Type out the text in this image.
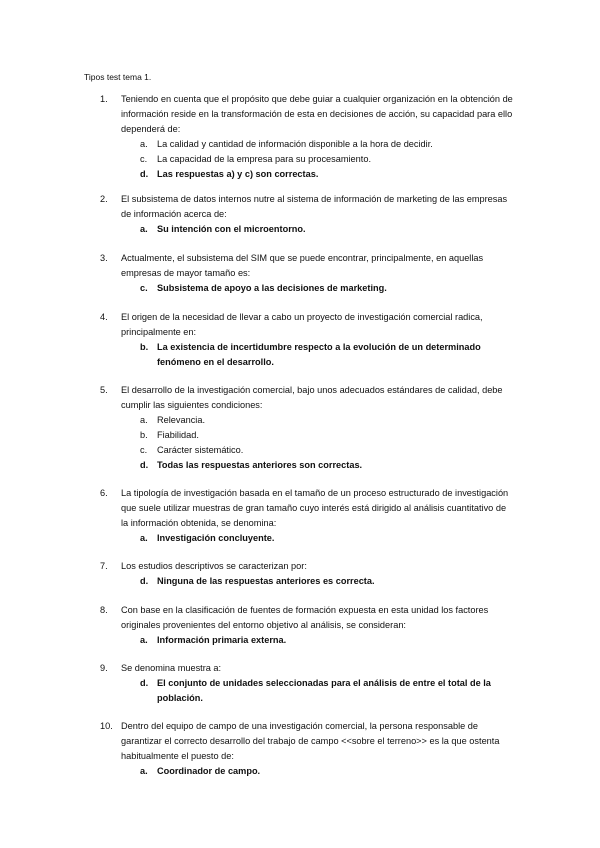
Tipos test tema 1.
1.	Teniendo en cuenta que el propósito que debe guiar a cualquier organización en la obtención de información reside en la transformación de esta en decisiones de acción, su capacidad para ello dependerá de:
a.	La calidad y cantidad de información disponible a la hora de decidir.
c.	La capacidad de la empresa para su procesamiento.
d. Las respuestas a) y c) son correctas.
2.	El subsistema de datos internos nutre al sistema de información de marketing de las empresas de información acerca de:
a.	Su intención con el microentorno.
3.	Actualmente, el subsistema del SIM que se puede encontrar, principalmente, en aquellas empresas de mayor tamaño es:
c.	Subsistema de apoyo a las decisiones de marketing.
4.	El origen de la necesidad de llevar a cabo un proyecto de investigación comercial radica, principalmente en:
b. La existencia de incertidumbre respecto a la evolución de un determinado fenómeno en el desarrollo.
5.	El desarrollo de la investigación comercial, bajo unos adecuados estándares de calidad, debe cumplir las siguientes condiciones:
a.	Relevancia.
b.	Fiabilidad.
c.	Carácter sistemático.
d. Todas las respuestas anteriores son correctas.
6.	La tipología de investigación basada en el tamaño de un proceso estructurado de investigación que suele utilizar muestras de gran tamaño cuyo interés está dirigido al análisis cuantitativo de la información obtenida, se denomina:
a.	Investigación concluyente.
7.	Los estudios descriptivos se caracterizan por:
d. Ninguna de las respuestas anteriores es correcta.
8.	Con base en la clasificación de fuentes de formación expuesta en esta unidad los factores originales provenientes del entorno objetivo al análisis, se consideran:
a.	Información primaria externa.
9.	Se denomina muestra a:
d. El conjunto de unidades seleccionadas para el análisis de entre el total de la población.
10. Dentro del equipo de campo de una investigación comercial, la persona responsable de garantizar el correcto desarrollo del trabajo de campo <<sobre el terreno>> es la que ostenta habitualmente el puesto de:
a.	Coordinador de campo.
